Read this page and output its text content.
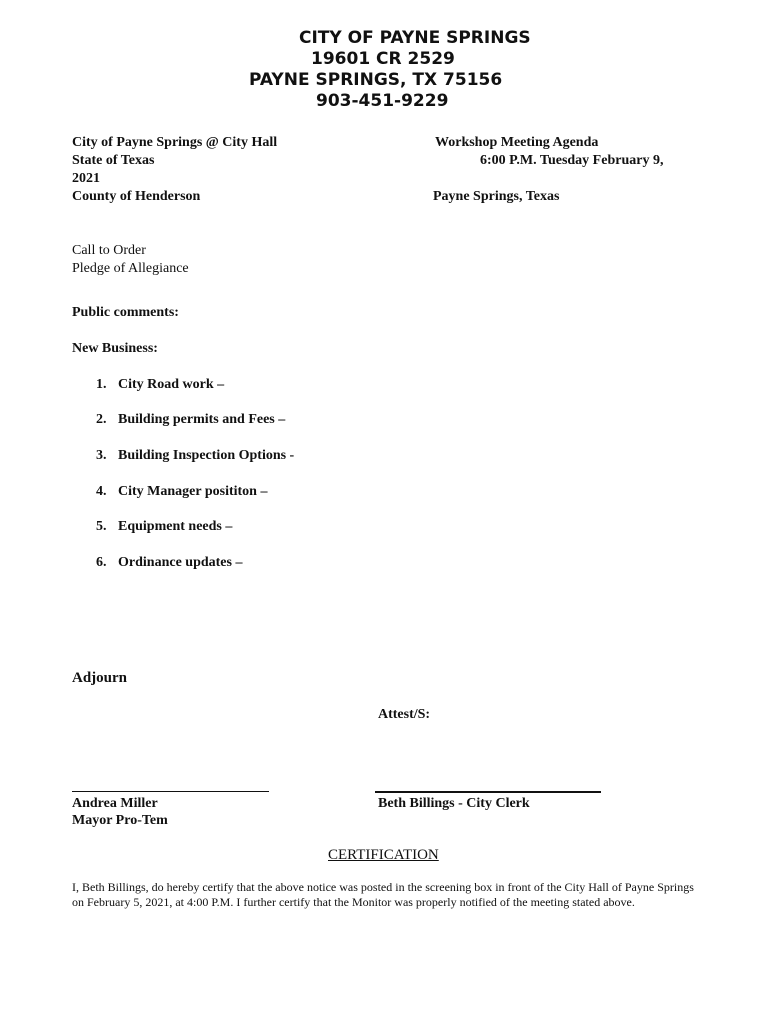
CITY OF PAYNE SPRINGS
19601 CR 2529
PAYNE SPRINGS, TX 75156
903-451-9229
City of Payne Springs @ City Hall
State of Texas
2021
County of Henderson
Workshop Meeting Agenda
6:00 P.M. Tuesday February 9,
Payne Springs, Texas
Call to Order
Pledge of Allegiance
Public comments:
New Business:
1. City Road work –
2. Building permits and Fees –
3. Building Inspection Options -
4. City Manager posititon –
5. Equipment needs –
6. Ordinance updates –
Adjourn
Attest/S:
Andrea Miller
Mayor Pro-Tem
Beth Billings - City Clerk
CERTIFICATION
I, Beth Billings, do hereby certify that the above notice was posted in the screening box in front of the City Hall of Payne Springs on February 5, 2021, at 4:00 P.M. I further certify that the Monitor was properly notified of the meeting stated above.
